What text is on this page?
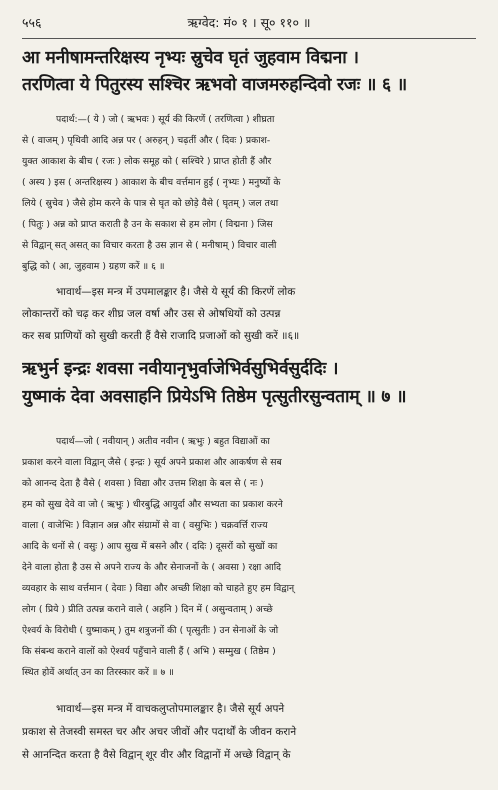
५५६	ऋग्वेद: मं० १ । सू० ११० ॥
आ मनीषामन्तरिक्षस्य नृभ्यः स्रुचेव घृतं जुहवाम विद्मना ।
तरणित्वा ये पितुरस्य सश्चिर ऋभवो वाजमरुहन्दिवो रजः ॥ ६ ॥
पदार्थ:—( ये ) जो ( ऋभवः ) सूर्य की किरणें ( तरणित्वा ) शीघ्रता
से ( वाजम् ) पृथिवी आदि अन्न पर ( अरुहन् ) चढ़तीं और ( दिवः ) प्रकाश-
युक्त आकाश के बीच ( रजः ) लोक समूह को ( सश्चिरे ) प्राप्त होती हैं और
( अस्य ) इस ( अन्तरिक्षस्य ) आकाश के बीच वर्त्तमान हुई ( नृभ्यः ) मनुष्यों के
लिये ( स्रुचेव ) जैसे होम करने के पात्र से घृत को छोड़े वैसे ( घृतम् ) जल तथा
( पितुः ) अन्न को प्राप्त कराती है उन के सकाश से हम लोग ( विद्मना ) जिस
से विद्वान् सत् असत् का विचार करता है उस ज्ञान से ( मनीषाम् ) विचार वाली
बुद्धि को ( आ, जुहवाम ) ग्रहण करें ॥ ६ ॥
भावार्थ—इस मन्त्र में उपमालङ्कार है। जैसे ये सूर्य की किरणें लोक
लोकान्तरों को चढ़ कर शीघ्र जल वर्षा और उस से ओषधियों को उत्पन्न
कर सब प्राणियों को सुखी करती हैं वैसे राजादि प्रजाओं को सुखी करें ॥६॥
ऋभुर्न इन्द्रः शवसा नवीयानृभुर्वाजेभिर्वसुभिर्वसुर्ददिः ।
युष्माकं देवा अवसाहनि प्रियेऽभि तिष्ठेम पृत्सुतीरसुन्वताम् ॥ ७ ॥
पदार्थ—जो ( नवीयान् ) अतीव नवीन ( ऋभुः ) बहुत विद्याओं का
प्रकाश करने वाला विद्वान् जैसे ( इन्द्रः ) सूर्य अपने प्रकाश और आकर्षण से सब
को आनन्द देता है वैसे ( शवसा ) विद्या और उत्तम शिक्षा के बल से ( नः )
हम को सुख देवे वा जो ( ऋभुः ) धीरबुद्धि आयुर्दा और सभ्यता का प्रकाश करने
वाला ( वाजेभिः ) विज्ञान अन्न और संग्रामों से वा ( वसुभिः ) चक्रवर्त्ति राज्य
आदि के धनों से ( वसुः ) आप सुख में बसने और ( ददिः ) दूसरों को सुखों का
देने वाला होता है उस से अपने राज्य के और सेनाजनों के ( अवसा ) रक्षा आदि
व्यवहार के साथ वर्त्तमान ( देवाः ) विद्या और अच्छी शिक्षा को चाहते हुए हम विद्वान्
लोग ( प्रिये ) प्रीति उत्पन्न कराने वाले ( अहनि ) दिन में ( असुन्वताम् ) अच्छे
ऐश्वर्य के विरोधी ( युष्माकम् ) तुम शत्रुजनों की ( पृत्सुतीः ) उन सेनाओं के जो
कि संबन्ध कराने वालों को ऐश्वर्य पहुँचाने वाली हैं ( अभि ) सम्मुख ( तिष्ठेम )
स्थित होवें अर्थात् उन का तिरस्कार करें ॥ ७ ॥
भावार्थ—इस मन्त्र में वाचकलुप्तोपमालङ्कार है। जैसे सूर्य अपने
प्रकाश से तेजस्वी समस्त चर और अचर जीवों और पदार्थों के जीवन कराने
से आनन्दित करता है वैसे विद्वान् शूर वीर और विद्वानों में अच्छे विद्वान् के
